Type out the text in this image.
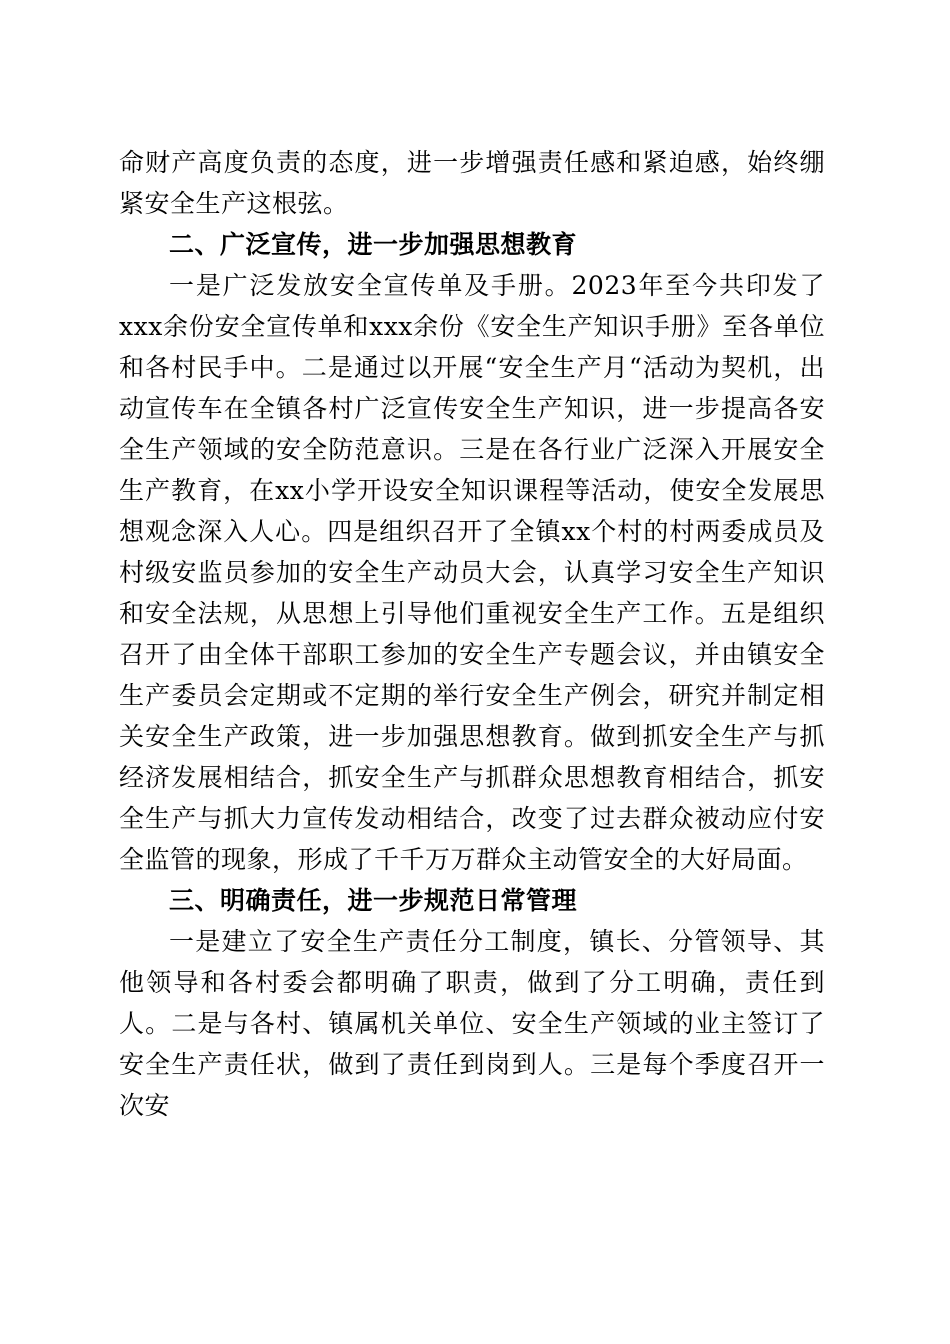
命财产高度负责的态度，进一步增强责任感和紧迫感，始终绷紧安全生产这根弦。

二、广泛宣传，进一步加强思想教育

一是广泛发放安全宣传单及手册。2023年至今共印发了xxx余份安全宣传单和xxx余份《安全生产知识手册》至各单位和各村民手中。二是通过以开展“安全生产月“活动为契机，出动宣传车在全镇各村广泛宣传安全生产知识，进一步提高各安全生产领域的安全防范意识。三是在各行业广泛深入开展安全生产教育，在xx小学开设安全知识课程等活动，使安全发展思想观念深入人心。四是组织召开了全镇xx个村的村两委成员及村级安监员参加的安全生产动员大会，认真学习安全生产知识和安全法规，从思想上引导他们重视安全生产工作。五是组织召开了由全体干部职工参加的安全生产专题会议，并由镇安全生产委员会定期或不定期的举行安全生产例会，研究并制定相关安全生产政策，进一步加强思想教育。做到抓安全生产与抓经济发展相结合，抓安全生产与抓群众思想教育相结合，抓安全生产与抓大力宣传发动相结合，改变了过去群众被动应付安全监管的现象，形成了千千万万群众主动管安全的大好局面。

三、明确责任，进一步规范日常管理

一是建立了安全生产责任分工制度，镇长、分管领导、其他领导和各村委会都明确了职责，做到了分工明确，责任到人。二是与各村、镇属机关单位、安全生产领域的业主签订了安全生产责任状，做到了责任到岗到人。三是每个季度召开一次安
